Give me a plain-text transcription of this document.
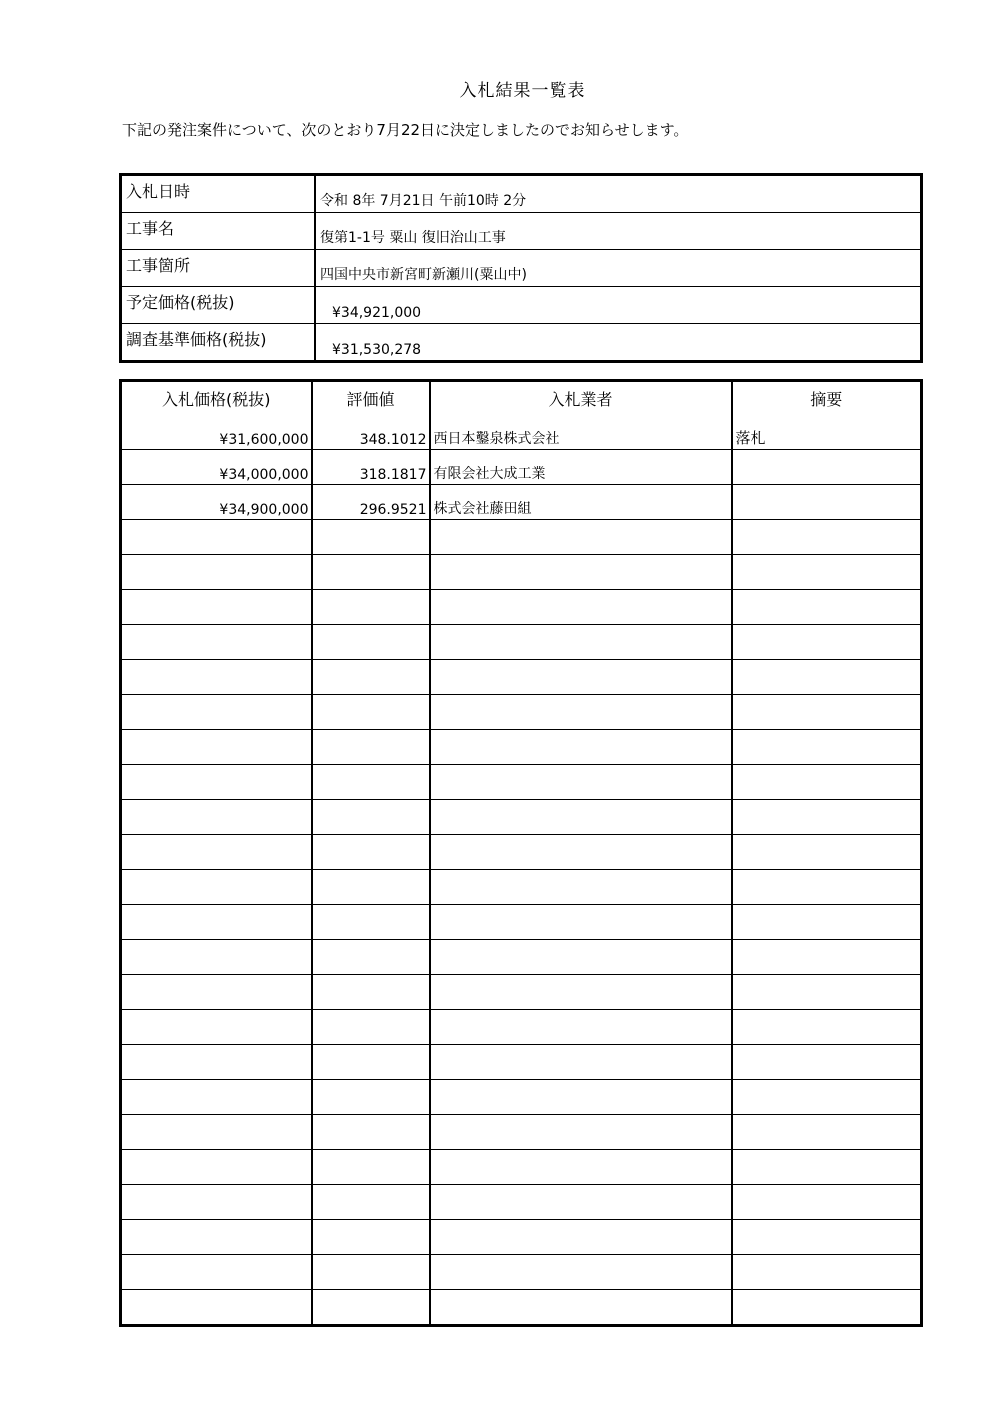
入札結果一覧表
下記の発注案件について、次のとおり7月22日に決定しましたのでお知らせします。
入札日時	令和 8年 7月21日 午前10時 2分
工事名	復第1-1号 粟山 復旧治山工事
工事箇所	四国中央市新宮町新瀬川(粟山中)
予定価格(税抜)	¥34,921,000
調査基準価格(税抜)	¥31,530,278
入札価格(税抜)	評価値	入札業者	摘要
¥31,600,000	348.1012	西日本鑿泉株式会社	落札
¥34,000,000	318.1817	有限会社大成工業	
¥34,900,000	296.9521	株式会社藤田組	
